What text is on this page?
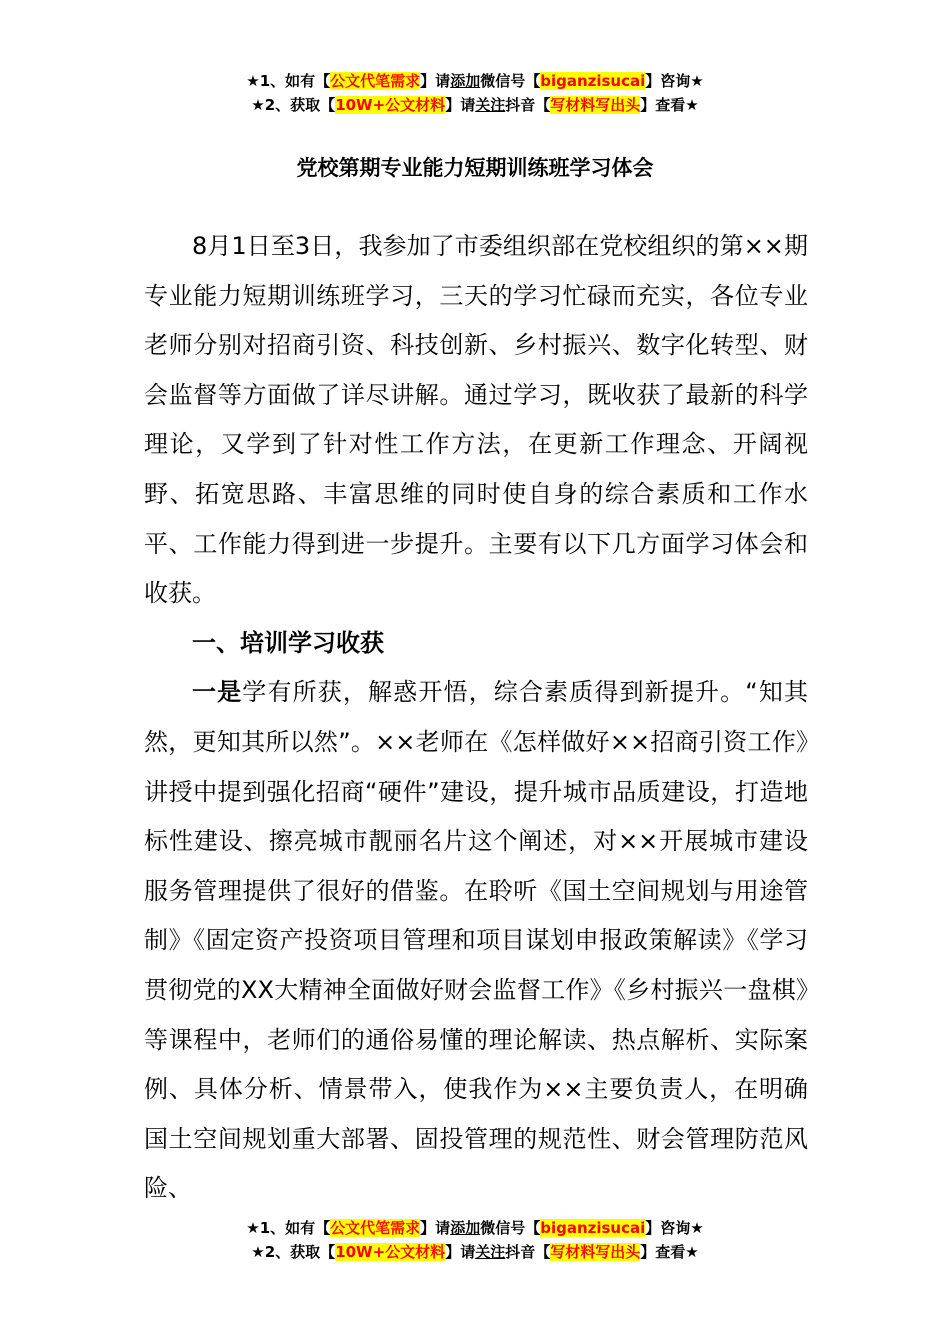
★1、如有【公文代笔需求】请添加微信号【biganzisucai】咨询★
★2、获取【10W+公文材料】请关注抖音【写材料写出头】查看★
党校第期专业能力短期训练班学习体会

8月1日至3日，我参加了市委组织部在党校组织的第××期专业能力短期训练班学习，三天的学习忙碌而充实，各位专业老师分别对招商引资、科技创新、乡村振兴、数字化转型、财会监督等方面做了详尽讲解。通过学习，既收获了最新的科学理论，又学到了针对性工作方法，在更新工作理念、开阔视野、拓宽思路、丰富思维的同时使自身的综合素质和工作水平、工作能力得到进一步提升。主要有以下几方面学习体会和收获。

一、培训学习收获

一是学有所获，解惑开悟，综合素质得到新提升。“知其然，更知其所以然”。××老师在《怎样做好××招商引资工作》讲授中提到强化招商“硬件”建设，提升城市品质建设，打造地标性建设、擦亮城市靓丽名片这个阐述，对××开展城市建设服务管理提供了很好的借鉴。在聆听《国土空间规划与用途管制》《固定资产投资项目管理和项目谋划申报政策解读》《学习贯彻党的XX大精神全面做好财会监督工作》《乡村振兴一盘棋》等课程中，老师们的通俗易懂的理论解读、热点解析、实际案例、具体分析、情景带入，使我作为××主要负责人，在明确国土空间规划重大部署、固投管理的规范性、财会管理防范风险、

★1、如有【公文代笔需求】请添加微信号【biganzisucai】咨询★
★2、获取【10W+公文材料】请关注抖音【写材料写出头】查看★
